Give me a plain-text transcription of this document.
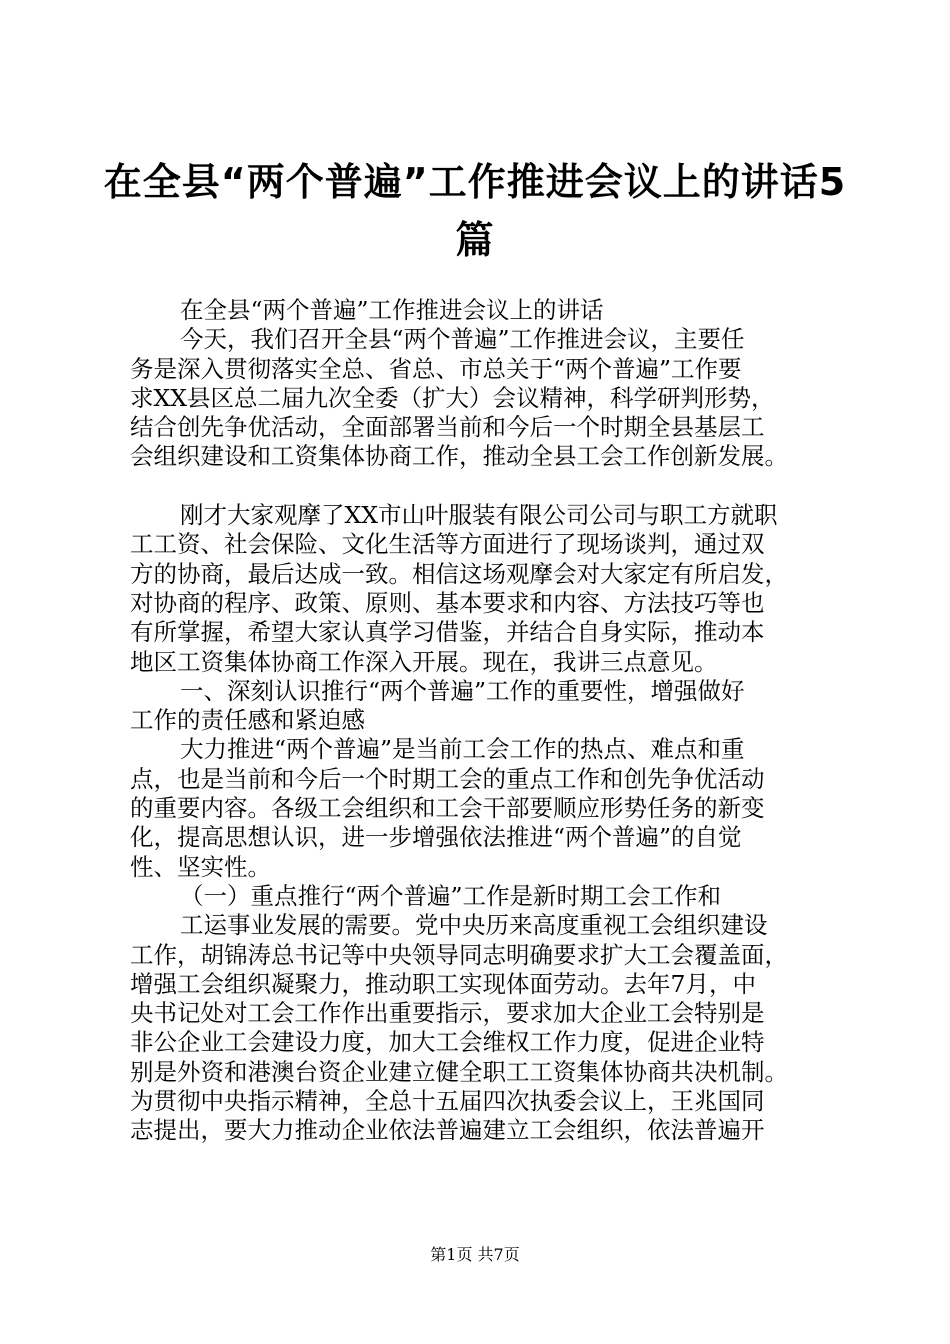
在全县“两个普遍”工作推进会议上的讲话5
篇
在全县“两个普遍”工作推进会议上的讲话
今天，我们召开全县“两个普遍”工作推进会议，主要任
务是深入贯彻落实全总、省总、市总关于“两个普遍”工作要
求XX县区总二届九次全委（扩大）会议精神，科学研判形势，
结合创先争优活动，全面部署当前和今后一个时期全县基层工
会组织建设和工资集体协商工作，推动全县工会工作创新发展。
刚才大家观摩了XX市山叶服装有限公司公司与职工方就职
工工资、社会保险、文化生活等方面进行了现场谈判，通过双
方的协商，最后达成一致。相信这场观摩会对大家定有所启发，
对协商的程序、政策、原则、基本要求和内容、方法技巧等也
有所掌握，希望大家认真学习借鉴，并结合自身实际，推动本
地区工资集体协商工作深入开展。现在，我讲三点意见。
一、深刻认识推行“两个普遍”工作的重要性，增强做好
工作的责任感和紧迫感
大力推进“两个普遍”是当前工会工作的热点、难点和重
点，也是当前和今后一个时期工会的重点工作和创先争优活动
的重要内容。各级工会组织和工会干部要顺应形势任务的新变
化，提高思想认识，进一步增强依法推进“两个普遍”的自觉
性、坚实性。
（一）重点推行“两个普遍”工作是新时期工会工作和
工运事业发展的需要。党中央历来高度重视工会组织建设
工作，胡锦涛总书记等中央领导同志明确要求扩大工会覆盖面，
增强工会组织凝聚力，推动职工实现体面劳动。去年7月，中
央书记处对工会工作作出重要指示，要求加大企业工会特别是
非公企业工会建设力度，加大工会维权工作力度，促进企业特
别是外资和港澳台资企业建立健全职工工资集体协商共决机制。
为贯彻中央指示精神，全总十五届四次执委会议上，王兆国同
志提出，要大力推动企业依法普遍建立工会组织，依法普遍开
第1页 共7页
